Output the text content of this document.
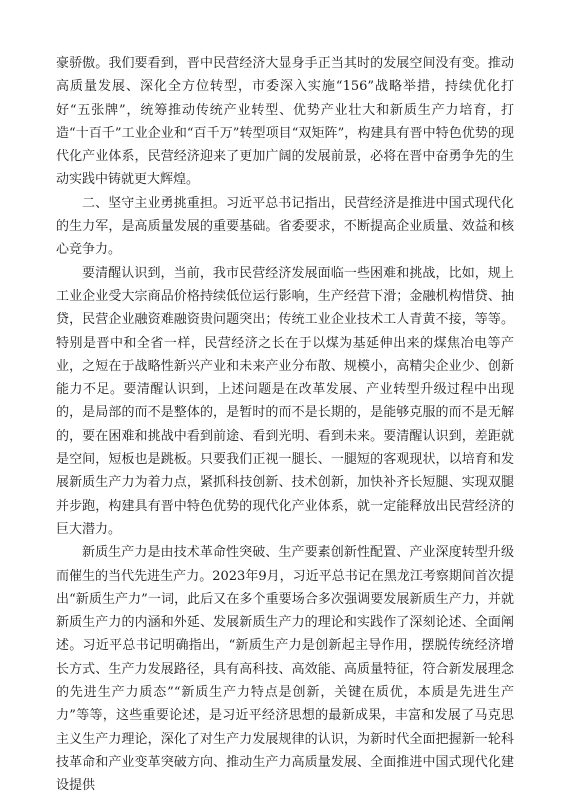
豪骄傲。我们要看到，晋中民营经济大显身手正当其时的发展空间没有变。推动高质量发展、深化全方位转型，市委深入实施“156”战略举措，持续优化打好“五张牌”，统筹推动传统产业转型、优势产业壮大和新质生产力培育，打造“十百千”工业企业和“百千万”转型项目“双矩阵”，构建具有晋中特色优势的现代化产业体系，民营经济迎来了更加广阔的发展前景，必将在晋中奋勇争先的生动实践中铸就更大辉煌。

二、坚守主业勇挑重担。习近平总书记指出，民营经济是推进中国式现代化的生力军，是高质量发展的重要基础。省委要求，不断提高企业质量、效益和核心竞争力。

要清醒认识到，当前，我市民营经济发展面临一些困难和挑战，比如，规上工业企业受大宗商品价格持续低位运行影响，生产经营下滑；金融机构惜贷、抽贷，民营企业融资难融资贵问题突出；传统工业企业技术工人青黄不接，等等。特别是晋中和全省一样，民营经济之长在于以煤为基延伸出来的煤焦冶电等产业，之短在于战略性新兴产业和未来产业分布散、规模小，高精尖企业少、创新能力不足。要清醒认识到，上述问题是在改革发展、产业转型升级过程中出现的，是局部的而不是整体的，是暂时的而不是长期的，是能够克服的而不是无解的，要在困难和挑战中看到前途、看到光明、看到未来。要清醒认识到，差距就是空间，短板也是跳板。只要我们正视一腿长、一腿短的客观现状，以培育和发展新质生产力为着力点，紧抓科技创新、技术创新，加快补齐长短腿、实现双腿并步跑，构建具有晋中特色优势的现代化产业体系，就一定能释放出民营经济的巨大潜力。

新质生产力是由技术革命性突破、生产要素创新性配置、产业深度转型升级而催生的当代先进生产力。2023年9月，习近平总书记在黑龙江考察期间首次提出“新质生产力”一词，此后又在多个重要场合多次强调要发展新质生产力，并就新质生产力的内涵和外延、发展新质生产力的理论和实践作了深刻论述、全面阐述。习近平总书记明确指出，“新质生产力是创新起主导作用，摆脱传统经济增长方式、生产力发展路径，具有高科技、高效能、高质量特征，符合新发展理念的先进生产力质态”“新质生产力特点是创新，关键在质优，本质是先进生产力”等等，这些重要论述，是习近平经济思想的最新成果，丰富和发展了马克思主义生产力理论，深化了对生产力发展规律的认识，为新时代全面把握新一轮科技革命和产业变革突破方向、推动生产力高质量发展、全面推进中国式现代化建设提供
